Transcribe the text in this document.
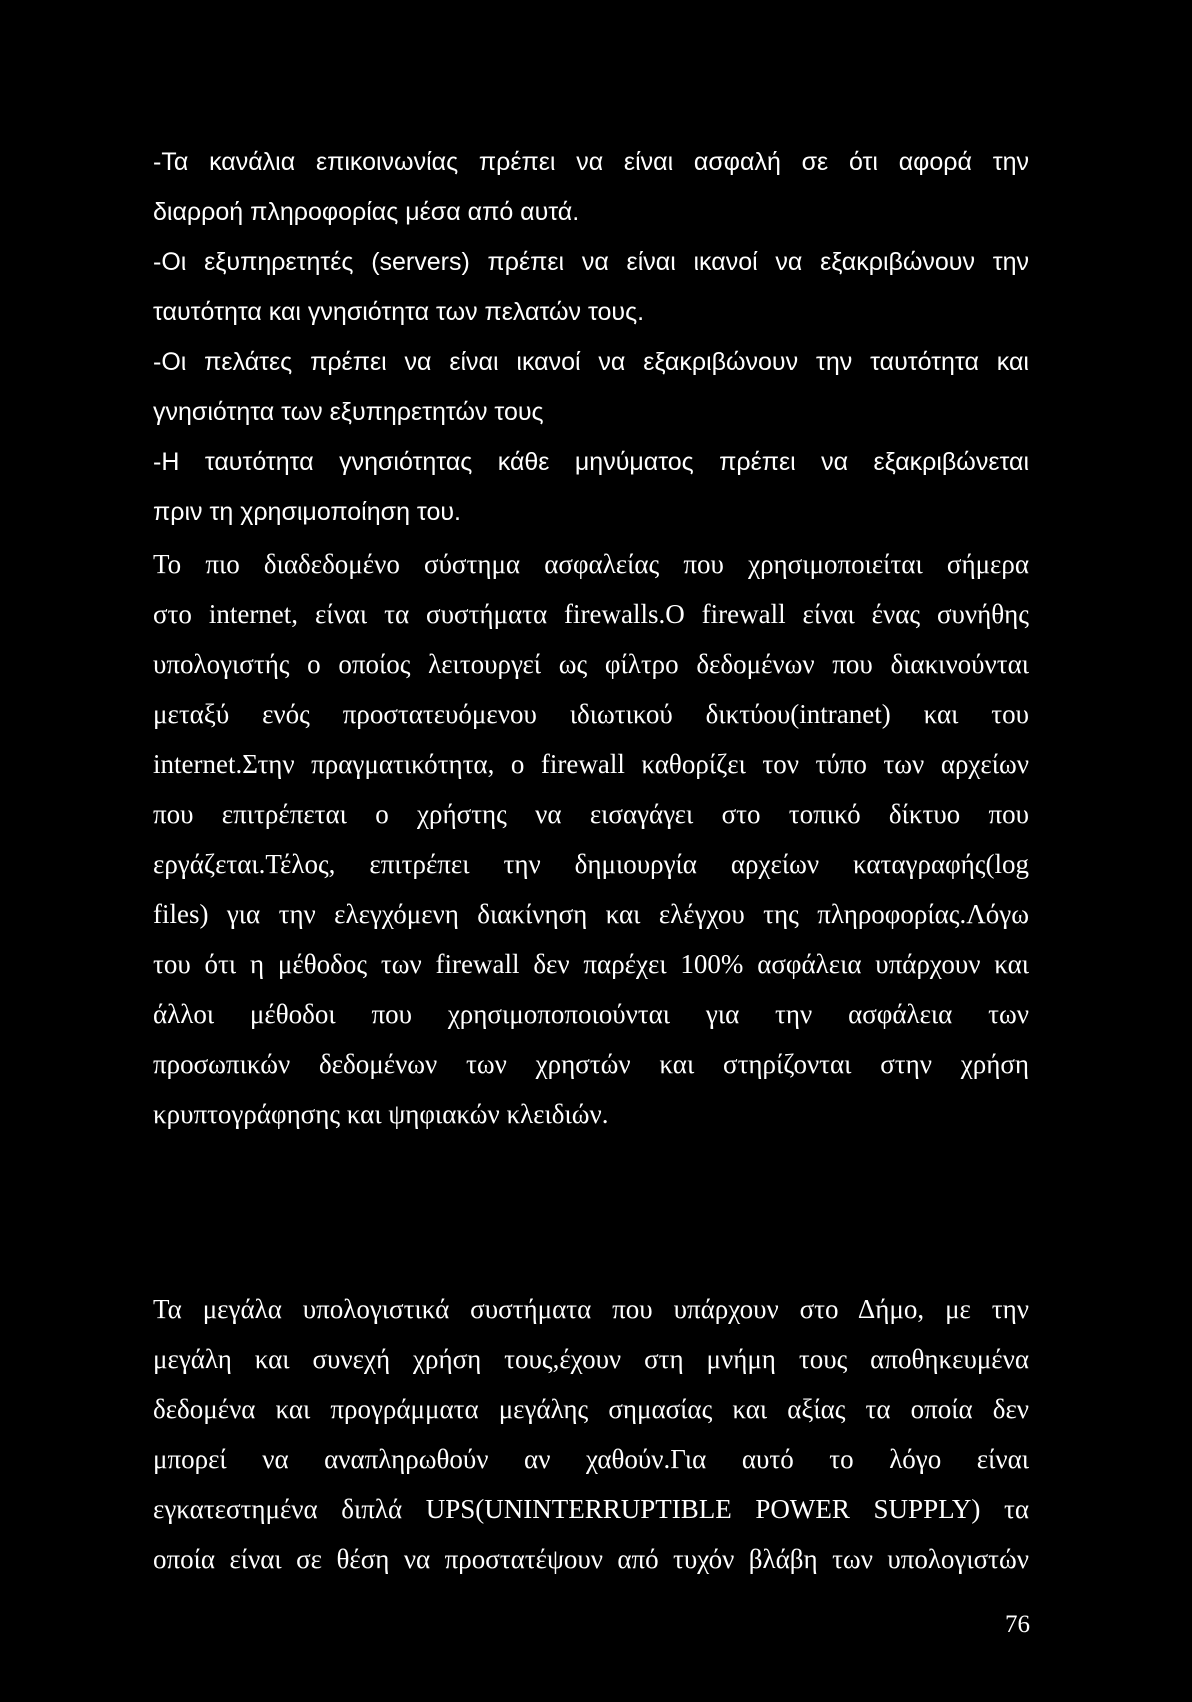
-Τα κανάλια επικοινωνίας πρέπει να είναι ασφαλή σε ότι αφορά την

διαρροή πληροφορίας μέσα από αυτά.

-Οι εξυπηρετητές (servers) πρέπει να είναι ικανοί να εξακριβώνουν την

ταυτότητα και γνησιότητα των πελατών τους.

-Οι πελάτες πρέπει να είναι ικανοί να εξακριβώνουν την ταυτότητα και

γνησιότητα των εξυπηρετητών τους

-Η ταυτότητα γνησιότητας κάθε μηνύματος πρέπει να εξακριβώνεται

πριν τη χρησιμοποίηση του.

Το πιο διαδεδομένο σύστημα ασφαλείας που χρησιμοποιείται σήμερα

στο internet, είναι τα συστήματα firewalls.O firewall είναι ένας συνήθης

υπολογιστής ο οποίος λειτουργεί ως φίλτρο δεδομένων που διακινούνται

μεταξύ ενός προστατευόμενου ιδιωτικού δικτύου(intranet) και του

internet.Στην πραγματικότητα, ο firewall καθορίζει τον τύπο των αρχείων

που επιτρέπεται ο χρήστης να εισαγάγει στο τοπικό δίκτυο που

εργάζεται.Τέλος, επιτρέπει την δημιουργία αρχείων καταγραφής(log

files) για την ελεγχόμενη διακίνηση και ελέγχου της πληροφορίας.Λόγω

του ότι η μέθοδος των firewall δεν παρέχει 100% ασφάλεια υπάρχουν και

άλλοι μέθοδοι που χρησιμοποποιούνται για την ασφάλεια των

προσωπικών δεδομένων των χρηστών και στηρίζονται στην χρήση

κρυπτογράφησης και ψηφιακών κλειδιών.

Τα μεγάλα υπολογιστικά συστήματα που υπάρχουν στο Δήμο, με την

μεγάλη και συνεχή χρήση τους,έχουν στη μνήμη τους αποθηκευμένα

δεδομένα και προγράμματα μεγάλης σημασίας και αξίας τα οποία δεν

μπορεί να αναπληρωθούν αν χαθούν.Για αυτό το λόγο είναι

εγκατεστημένα διπλά UPS(UNINTERRUPTIBLE POWER SUPPLY) τα

οποία είναι σε θέση να προστατέψουν από τυχόν βλάβη των υπολογιστών

76
